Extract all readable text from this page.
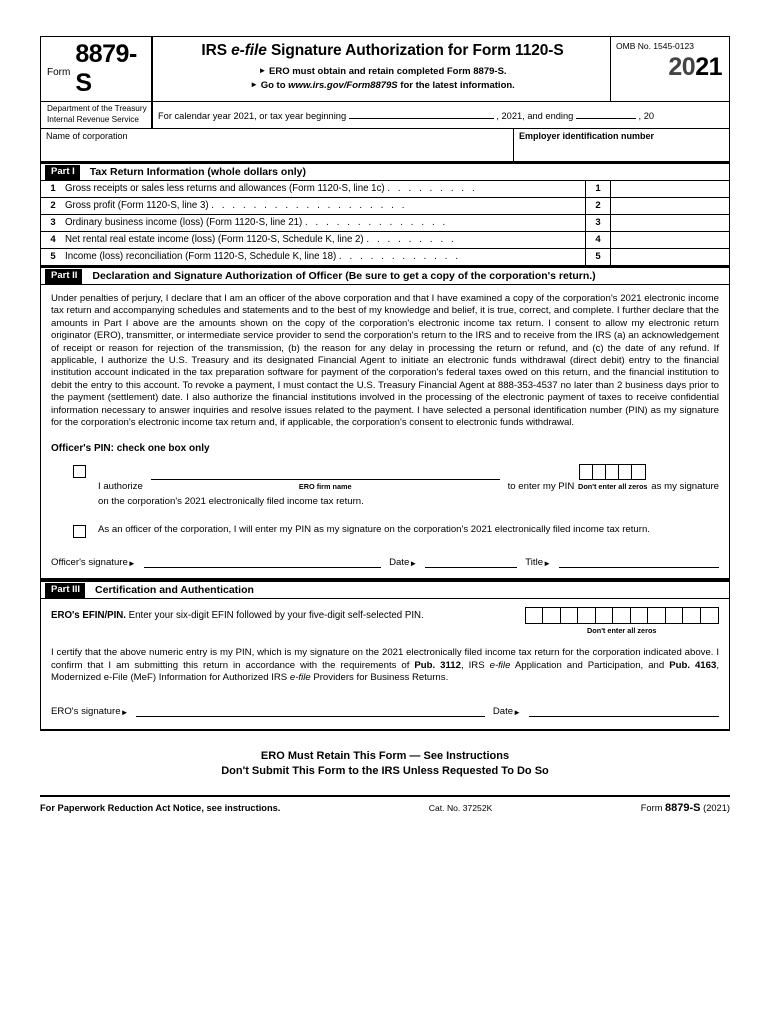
Form
8879-S
IRS e-file Signature Authorization for Form 1120-S
► ERO must obtain and retain completed Form 8879-S.
► Go to www.irs.gov/Form8879S for the latest information.
OMB No. 1545-0123
2021
Department of the Treasury
Internal Revenue Service	For calendar year 2021, or tax year beginning	, 2021, and ending	, 20
Name of corporation	Employer identification number
Part I	Tax Return Information (whole dollars only)
1 Gross receipts or sales less returns and allowances (Form 1120-S, line 1c) . . . . . . . . .	1
2 Gross profit (Form 1120-S, line 3) . . . . . . . . . . . . . . . . . . .	2
3 Ordinary business income (loss) (Form 1120-S, line 21) . . . . . . . . . . . . . .	3
4 Net rental real estate income (loss) (Form 1120-S, Schedule K, line 2) . . . . . . . . .	4
5 Income (loss) reconciliation (Form 1120-S, Schedule K, line 18) . . . . . . . . . . . .	5
Part II	Declaration and Signature Authorization of Officer (Be sure to get a copy of the corporation's return.)
Under penalties of perjury, I declare that I am an officer of the above corporation and that I have examined a copy of the corporation's 2021 electronic income tax return and accompanying schedules and statements and to the best of my knowledge and belief, it is true, correct, and complete. I further declare that the amounts in Part I above are the amounts shown on the copy of the corporation's electronic income tax return. I consent to allow my electronic return originator (ERO), transmitter, or intermediate service provider to send the corporation's return to the IRS and to receive from the IRS (a) an acknowledgement of receipt or reason for rejection of the transmission, (b) the reason for any delay in processing the return or refund, and (c) the date of any refund. If applicable, I authorize the U.S. Treasury and its designated Financial Agent to initiate an electronic funds withdrawal (direct debit) entry to the financial institution account indicated in the tax preparation software for payment of the corporation's federal taxes owed on this return, and the financial institution to debit the entry to this account. To revoke a payment, I must contact the U.S. Treasury Financial Agent at 888-353-4537 no later than 2 business days prior to the payment (settlement) date. I also authorize the financial institutions involved in the processing of the electronic payment of taxes to receive confidential information necessary to answer inquiries and resolve issues related to the payment. I have selected a personal identification number (PIN) as my signature for the corporation's electronic income tax return and, if applicable, the corporation's consent to electronic funds withdrawal.
Officer's PIN: check one box only
I authorize	ERO firm name	to enter my PIN Don't enter all zeros as my signature
on the corporation's 2021 electronically filed income tax return.
As an officer of the corporation, I will enter my PIN as my signature on the corporation's 2021 electronically filed income tax return.
Officer's signature ►	Date ►	Title ►
Part III	Certification and Authentication
ERO's EFIN/PIN. Enter your six-digit EFIN followed by your five-digit self-selected PIN.
Don't enter all zeros
I certify that the above numeric entry is my PIN, which is my signature on the 2021 electronically filed income tax return for the corporation indicated above. I confirm that I am submitting this return in accordance with the requirements of Pub. 3112, IRS e-file Application and Participation, and Pub. 4163, Modernized e-File (MeF) Information for Authorized IRS e-file Providers for Business Returns.
ERO's signature ►	Date ►
ERO Must Retain This Form — See Instructions
Don't Submit This Form to the IRS Unless Requested To Do So
For Paperwork Reduction Act Notice, see instructions.	Cat. No. 37252K	Form 8879-S (2021)
